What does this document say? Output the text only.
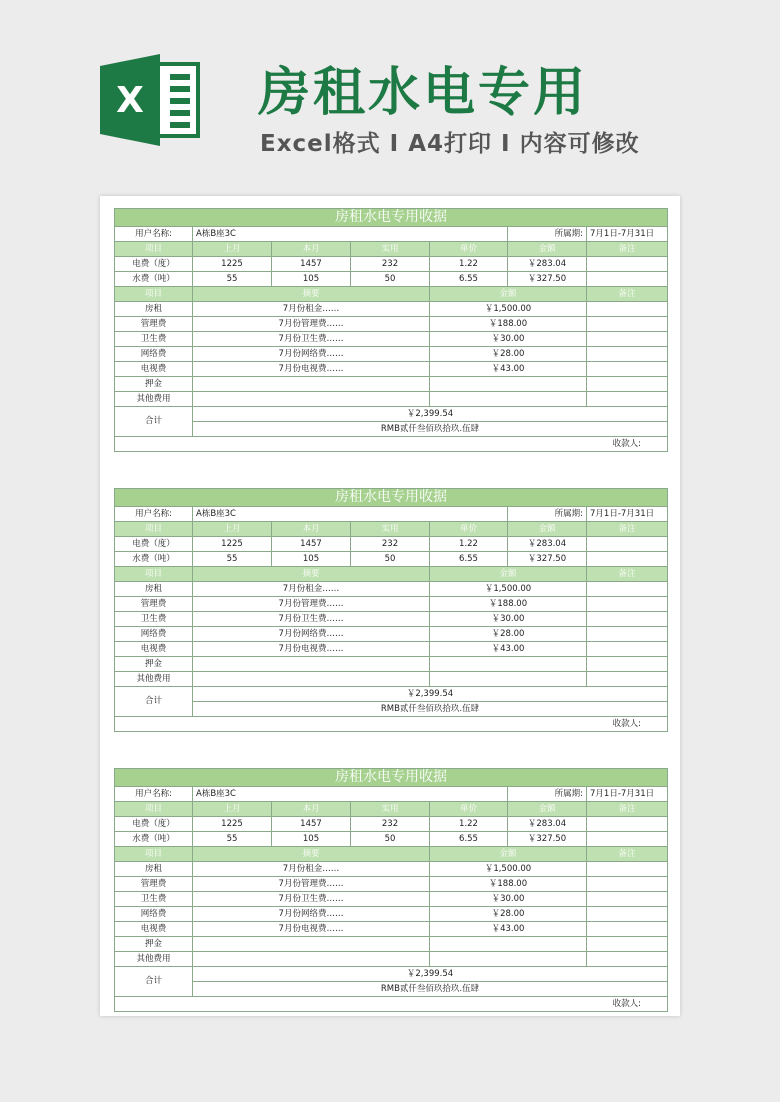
X 房租水电专用
Excel格式 I A4打印 I 内容可修改
房租水电专用收据						
用户名称:	A栋B座3C				所属期:	7月1日-7月31日
项目	上月	本月	实用	单价	金额	备注
电费（度）	1225	1457	232	1.22	￥283.04	
水费（吨）	55	105	50	6.55	￥327.50	
项目	摘要			金额		备注
房租	7月份租金……			￥1,500.00		
管理费	7月份管理费……			￥188.00		
卫生费	7月份卫生费……			￥30.00		
网络费	7月份网络费……			￥28.00		
电视费	7月份电视费……			￥43.00		
押金						
其他费用						
合计	￥2,399.54					
	RMB贰仟叁佰玖拾玖.伍肆					
收款人:						
房租水电专用收据						
用户名称:	A栋B座3C				所属期:	7月1日-7月31日
项目	上月	本月	实用	单价	金额	备注
电费（度）	1225	1457	232	1.22	￥283.04	
水费（吨）	55	105	50	6.55	￥327.50	
项目	摘要			金额		备注
房租	7月份租金……			￥1,500.00		
管理费	7月份管理费……			￥188.00		
卫生费	7月份卫生费……			￥30.00		
网络费	7月份网络费……			￥28.00		
电视费	7月份电视费……			￥43.00		
押金						
其他费用						
合计	￥2,399.54					
	RMB贰仟叁佰玖拾玖.伍肆					
收款人:						
房租水电专用收据						
用户名称:	A栋B座3C				所属期:	7月1日-7月31日
项目	上月	本月	实用	单价	金额	备注
电费（度）	1225	1457	232	1.22	￥283.04	
水费（吨）	55	105	50	6.55	￥327.50	
项目	摘要			金额		备注
房租	7月份租金……			￥1,500.00		
管理费	7月份管理费……			￥188.00		
卫生费	7月份卫生费……			￥30.00		
网络费	7月份网络费……			￥28.00		
电视费	7月份电视费……			￥43.00		
押金						
其他费用						
合计	￥2,399.54					
	RMB贰仟叁佰玖拾玖.伍肆					
收款人:						
